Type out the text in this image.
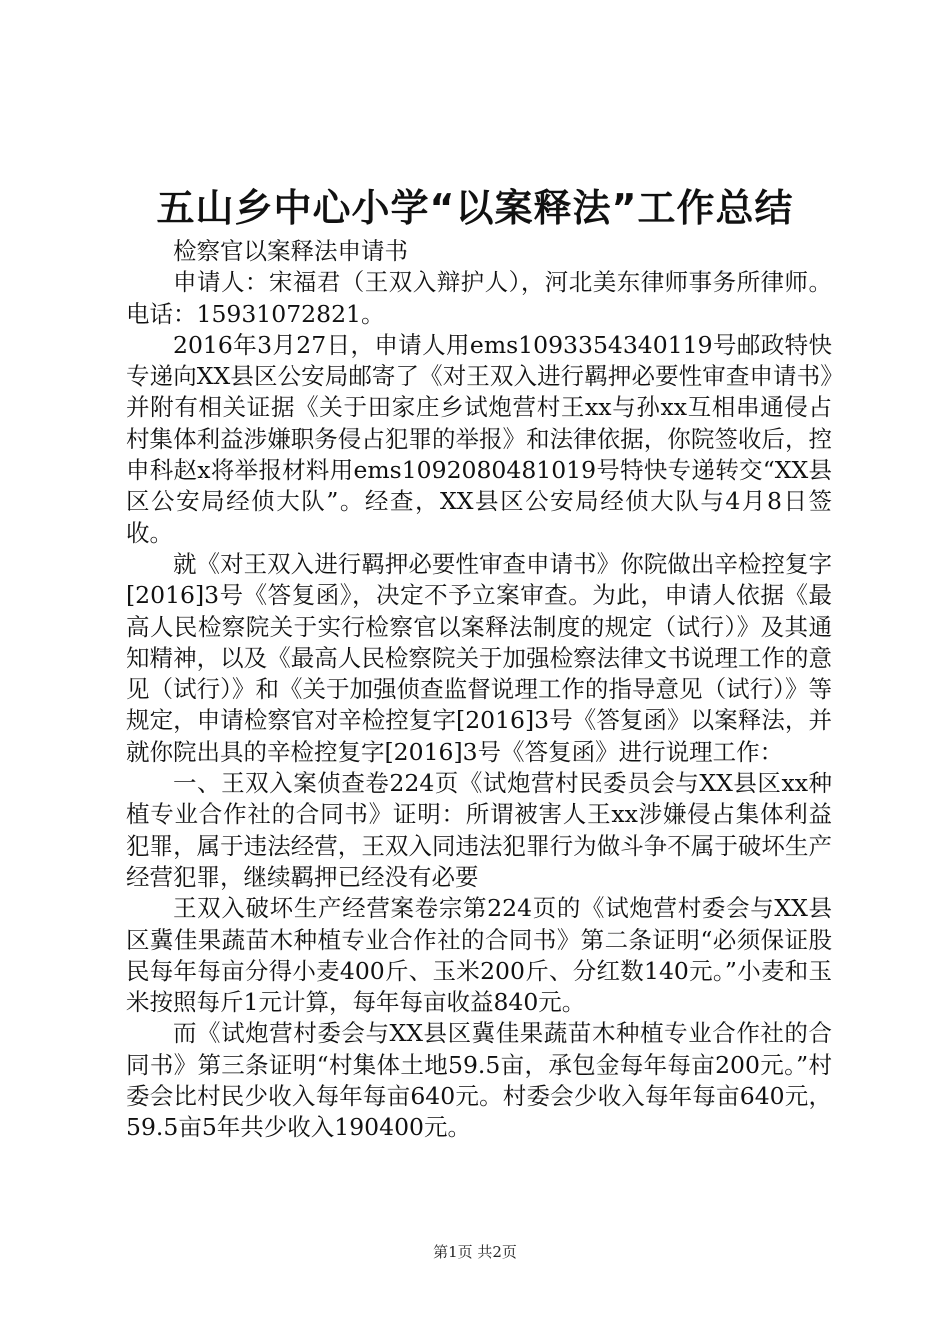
五山乡中心小学“以案释法”工作总结

检察官以案释法申请书

申请人：宋福君（王双入辩护人），河北美东律师事务所律师。电话：15931072821。

2016年3月27日，申请人用ems1093354340119号邮政特快专递向XX县区公安局邮寄了《对王双入进行羁押必要性审查申请书》并附有相关证据《关于田家庄乡试炮营村王xx与孙xx互相串通侵占村集体利益涉嫌职务侵占犯罪的举报》和法律依据，你院签收后，控申科赵x将举报材料用ems1092080481019号特快专递转交“XX县区公安局经侦大队”。经查，XX县区公安局经侦大队与4月8日签收。

就《对王双入进行羁押必要性审查申请书》你院做出辛检控复字[2016]3号《答复函》，决定不予立案审查。为此，申请人依据《最高人民检察院关于实行检察官以案释法制度的规定（试行）》及其通知精神，以及《最高人民检察院关于加强检察法律文书说理工作的意见（试行）》和《关于加强侦查监督说理工作的指导意见（试行）》等规定，申请检察官对辛检控复字[2016]3号《答复函》以案释法，并就你院出具的辛检控复字[2016]3号《答复函》进行说理工作：

一、王双入案侦查卷224页《试炮营村民委员会与XX县区xx种植专业合作社的合同书》证明：所谓被害人王xx涉嫌侵占集体利益犯罪，属于违法经营，王双入同违法犯罪行为做斗争不属于破坏生产经营犯罪，继续羁押已经没有必要

王双入破坏生产经营案卷宗第224页的《试炮营村委会与XX县区冀佳果蔬苗木种植专业合作社的合同书》第二条证明“必须保证股民每年每亩分得小麦400斤、玉米200斤、分红数140元。”小麦和玉米按照每斤1元计算，每年每亩收益840元。

而《试炮营村委会与XX县区冀佳果蔬苗木种植专业合作社的合同书》第三条证明“村集体土地59.5亩，承包金每年每亩200元。”村委会比村民少收入每年每亩640元。村委会少收入每年每亩640元，59.5亩5年共少收入190400元。

第1页 共2页
